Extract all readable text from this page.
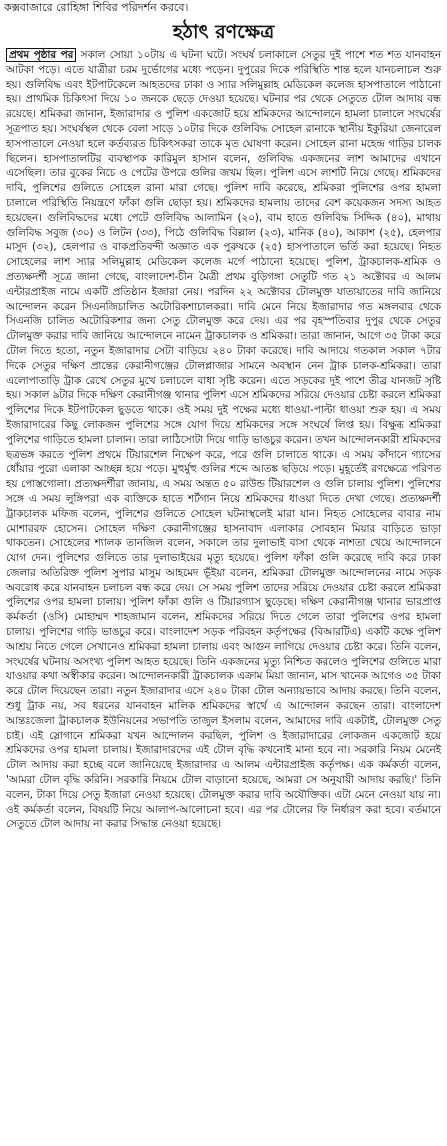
কক্সবাজারে রোহিঙ্গা শিবির পরিদর্শন করবে।
হঠাৎ রণক্ষেত্র

প্রথম পৃষ্ঠার পর সকাল সোয়া ১০টায় এ ঘটনা ঘটে। সংঘর্ষ চলাকালে সেতুর দুই পাশে শত শত যানবাহন আটকা পড়ে। এতে যাত্রীরা চরম দুর্ভোগের মধ্যে পড়েন। দুপুরের দিকে পরিস্থিতি শান্ত হলে যানচলাচল শুরু হয়। গুলিবিদ্ধ এবং ইটপাটকেলে আহতদের ঢাকা ও স্যার সলিমুল্লাহ মেডিকেল কলেজ হাসপাতালে পাঠানো হয়। প্রাথমিক চিকিৎসা দিয়ে ১০ জনকে ছেড়ে দেওয়া হয়েছে। ঘটনার পর থেকে সেতুতে টোল আদায় বন্ধ রয়েছে। শ্রমিকরা জানান, ইজারাদার ও পুলিশ একজোট হয়ে শ্রমিকদের আন্দোলনে হামলা চালালে সংঘর্ষের সূত্রপাত হয়। সংঘর্ষস্থল থেকে বেলা সাড়ে ১০টার দিকে গুলিবিদ্ধ সোহেল রানাকে স্থানীয় ইকুরিয়া জেনারেল হাসপাতালে নেওয়া হলে কর্তব্যরত চিকিৎসকরা তাকে মৃত ঘোষণা করেন। সোহেল রানা মহেন্দ্র গাড়ির চালক ছিলেন। হাসপাতালটির ব্যবস্থাপক কারিমুল হাসান বলেন, গুলিবিদ্ধ একজনের লাশ আমাদের এখানে এসেছিল। তার বুকের নিচে ও পেটের উপরে গুলির জখম ছিল। পুলিশ এসে লাশটি নিয়ে গেছে। শ্রমিকদের দাবি, পুলিশের গুলিতে সোহেল রানা মারা গেছে। পুলিশ দাবি করেছে, শ্রমিকরা পুলিশের ওপর হামলা চালালে পরিস্থিতি নিয়ন্ত্রণে ফাঁকা গুলি ছোড়া হয়। শ্রমিকদের হামলায় তাদের বেশ কয়েকজন সদস্য আহত হয়েছেন। গুলিবিদ্ধদের মধ্যে পেটে গুলিবিদ্ধ আলামিন (২০), বাম হাতে গুলিবিদ্ধ সিদ্দিক (৪০), মাথায় গুলিবিদ্ধ সবুজ (৩০) ও লিটন (৩৩), পিঠে গুলিবিদ্ধ বিল্লাল (২৩), মানিক (৪০), আকাশ (২৫), হেলপার মাসুদ (৩২), হেলপার ও বাকপ্রতিবন্দী অজ্ঞাত এক পুরুষকে (২৫) হাসপাতালে ভর্তি করা হয়েছে। নিহত সোহেলের লাশ স্যার সলিমুল্লাহ মেডিকেল কলেজ মর্গে পাঠানো হয়েছে। পুলিশ, ট্রাকচালক-শ্রমিক ও প্রত্যক্ষদর্শী সূত্রে জানা গেছে, বাংলাদেশ-চীন মৈত্রী প্রথম বুড়িগঙ্গা সেতুটি গত ২১ অক্টোবর এ আলম এন্টারপ্রাইজ নামে একটি প্রতিষ্ঠান ইজারা নেয়। পরদিন ২২ অক্টোবর টোলমুক্ত যাতায়াতের দাবি জানিয়ে আন্দোলন করেন সিএনজিচালিত অটোরিকশাচালকরা। দাবি মেনে নিয়ে ইজারাদার গত মঙ্গলবার থেকে সিএনজি চালিত অটোরিকশার জন্য সেতু টোলমুক্ত করে দেয়। এর পর বৃহস্পতিবার দুপুর থেকে সেতুর টোলমুক্ত করার দাবি জানিয়ে আন্দোলনে নামেন ট্রাকচালক ও শ্রমিকরা। তারা জানান, আগে ৩৫ টাকা করে টোল দিতে হতো, নতুন ইজারাদার সেটা বাড়িয়ে ২৪০ টাকা করেছে। দাবি আদায়ে গতকাল সকাল ৭টার দিকে সেতুর দক্ষিণ প্রান্তের কেরানীগঞ্জের টোলপ্লাজার সামনে অবস্থান নেন ট্রাক চালক-শ্রমিকরা। তারা এলোপাতাড়ি ট্রাক রেখে সেতুর মুখে চলাচলে বাধা সৃষ্টি করেন। এতে সড়কের দুই পাশে তীব্র যানজট সৃষ্টি হয়। সকাল ৯টার দিকে দক্ষিণ কেরানীগঞ্জ থানার পুলিশ এসে শ্রমিকদের সরিয়ে দেওয়ার চেষ্টা করলে শ্রমিকরা পুলিশের দিকে ইটপাটকেল ছুড়তে থাকে। ওই সময় দুই পক্ষের মধ্যে ধাওয়া-পাল্টা ধাওয়া শুরু হয়। এ সময় ইজারাদারের কিছু লোকজন পুলিশের সঙ্গে যোগ দিয়ে শ্রমিকদের সঙ্গে সংঘর্ষে লিপ্ত হয়। বিক্ষুব্ধ শ্রমিকরা পুলিশের গাড়িতে হামলা চালান। তারা লাঠিসোটা দিয়ে গাড়ি ভাঙচুর করেন। তখন আন্দোলনকারী শ্রমিকদের ছত্রভঙ্গ করতে পুলিশ প্রথমে টিয়ারশেল নিক্ষেপ করে, পরে গুলি চালাতে থাকে। এ সময় কাঁদানে গ্যাসের ধোঁয়ার পুরো এলাকা আচ্ছন্ন হয়ে পড়ে। মুহুর্মুহু গুলির শব্দে আতঙ্ক ছড়িয়ে পড়ে। মুহূর্তেই রণক্ষেত্রে পরিণত হয় পোস্তগোলা। প্রত্যক্ষদর্শীরা জানায়, এ সময় অন্তত ৫০ রাউন্ড টিয়ারশেল ও গুলি চালায় পুলিশ। পুলিশের সঙ্গে এ সময় লুঙ্গিপরা এক ব্যক্তিকে হাতে শর্টগান নিয়ে শ্রমিকদের ধাওয়া দিতে দেখা গেছে। প্রত্যক্ষদর্শী ট্রাকচালক মফিজ বলেন, পুলিশের গুলিতে সোহেল ঘটনাস্থলেই মারা যান। নিহত সোহেলের বাবার নাম মোশাররফ হোসেন। সোহেল দক্ষিণ কেরানীগঞ্জের হাসনাবাদ এলাকার সোবহান মিয়ার বাড়িতে ভাড়া থাকতেন। সোহেলের শ্যালক তানজিল বলেন, সকালে তার দুলাভাই বাসা থেকে নাশতা খেয়ে আন্দোলনে যোগ দেন। পুলিশের গুলিতে তার দুলাভাইয়ের মৃত্যু হয়েছে। পুলিশ ফাঁকা গুলি করেছে দাবি করে ঢাকা জেলার অতিরিক্ত পুলিশ সুপার মাসুম আহমেদ ভূঁইয়া বলেন, শ্রমিকরা টোলমুক্ত আন্দোলনের নামে সড়ক অবরোধ করে যানবাহন চলাচল বন্ধ করে দেয়। সে সময় পুলিশ তাদের সরিয়ে দেওয়ার চেষ্টা করলে শ্রমিকরা পুলিশের ওপর হামলা চালায়। পুলিশ ফাঁকা গুলি ও টিয়ারগ্যাস ছুড়েছে। দক্ষিণ কেরানীগঞ্জ থানার ভারপ্রাপ্ত কর্মকর্তা (ওসি) মোহাম্মদ শাহজামান বলেন, শ্রমিকদের সরিয়ে দিতে গেলে তারা পুলিশের ওপর হামলা চালায়। পুলিশের গাড়ি ভাঙচুর করে। বাংলাদেশ সড়ক পরিবহন কর্তৃপক্ষের (বিআরটিএ) একটি কক্ষে পুলিশ আশ্রয় নিতে গেলে সেখানেও শ্রমিকরা হামলা চালায় এবং আগুন লাগিয়ে দেওয়ার চেষ্টা করে। তিনি বলেন, সংঘর্ষের ঘটনায় অসংখ্য পুলিশ আহত হয়েছে। তিনি একজনের মৃত্যু নিশ্চিত করলেও পুলিশের গুলিতে মারা যাওয়ার কথা অস্বীকার করেন। আন্দোলনকারী ট্রাকচালক এক্রাম মিয়া জানান, মাস খানেক আগেও ৩৫ টাকা করে টোল দিয়েছেন তারা। নতুন ইজারাদার এসে ২৪০ টাকা টোল অন্যায়ভাবে আদায় করছে। তিনি বলেন, শুধু ট্রাক নয়, সব ধরনের যানবাহন মালিক শ্রমিকদের স্বার্থে এ আন্দোলন করছেন তারা। বাংলাদেশ আন্তঃজেলা ট্রাকচালক ইউনিয়নের সভাপতি তাজুল ইসলাম বলেন, আমাদের দাবি একটাই, টোলমুক্ত সেতু চাই। এই স্লোগানে শ্রমিকরা যখন আন্দোলন করছিল, পুলিশ ও ইজারাদারের লোকজন একজোট হয়ে শ্রমিকদের ওপর হামলা চালায়। ইজারাদারদের এই টোল বৃদ্ধি কখনোই মানা হবে না। সরকারি নিয়ম মেনেই টোল আদায় করা হচ্ছে বলে জানিয়েছে ইজারাদার এ আলম এন্টারপ্রাইজ কর্তৃপক্ষ। এক কর্মকর্তা বলেন, 'আমরা টোল বৃদ্ধি করিনি। সরকারি নিয়মে টোল বাড়ানো হয়েছে, আমরা সে অনুযায়ী আদায় করছি।' তিনি বলেন, টাকা দিয়ে সেতু ইজারা নেওয়া হয়েছে। টোলমুক্ত করার দাবি অযৌক্তিক। এটা মেনে নেওয়া যায় না। ওই কর্মকর্তা বলেন, বিষয়টি নিয়ে আলাপ-আলোচনা হবে। এর পর টোলের ফি নির্ধারণ করা হবে। বর্তমানে সেতুতে টোল আদায় না করার সিদ্ধান্ত নেওয়া হয়েছে।
